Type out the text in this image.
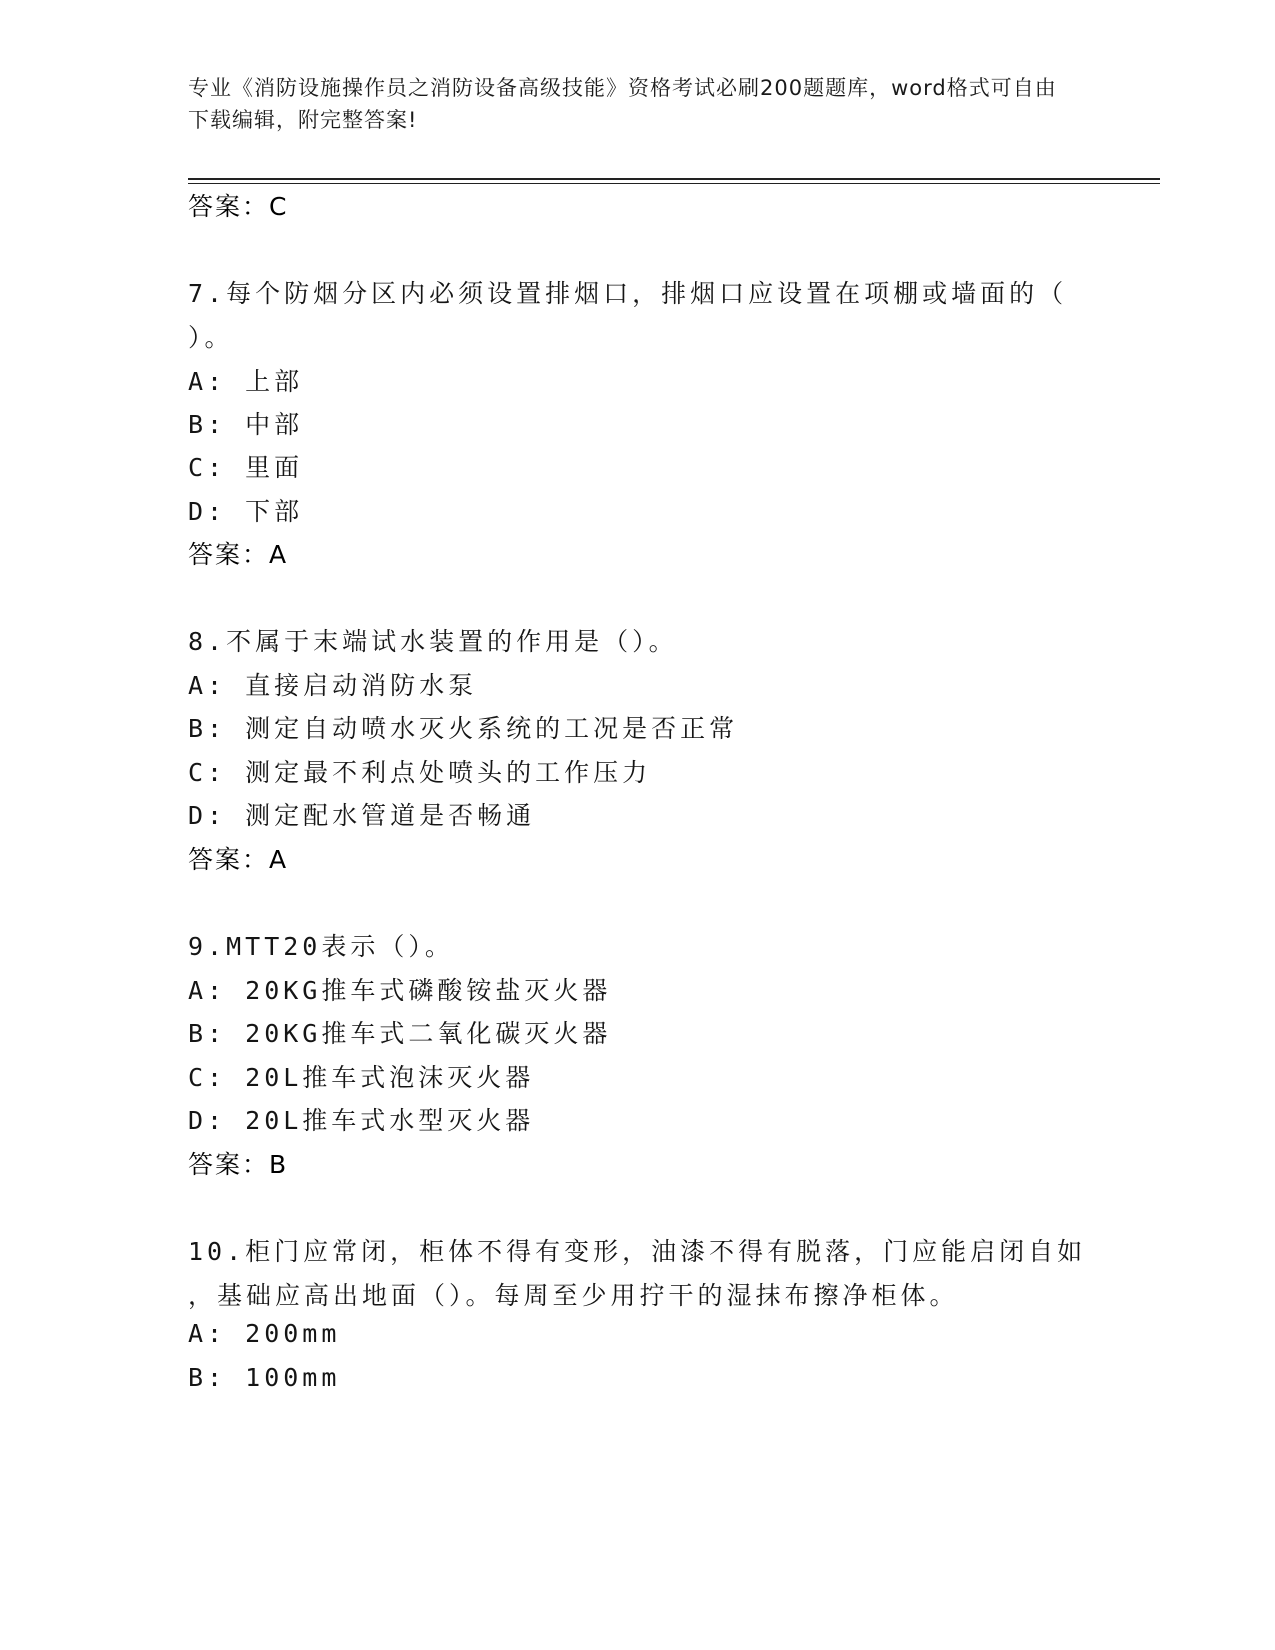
专业《消防设施操作员之消防设备高级技能》资格考试必刷200题题库，word格式可自由下载编辑，附完整答案!
答案：C
7.每个防烟分区内必须设置排烟口，排烟口应设置在项棚或墙面的（
）。
A: 上部
B: 中部
C: 里面
D: 下部
答案：A
8.不属于末端试水装置的作用是（）。
A: 直接启动消防水泵
B: 测定自动喷水灭火系统的工况是否正常
C: 测定最不利点处喷头的工作压力
D: 测定配水管道是否畅通
答案：A
9.MTT20表示（）。
A: 20KG推车式磷酸铵盐灭火器
B: 20KG推车式二氧化碳灭火器
C: 20L推车式泡沫灭火器
D: 20L推车式水型灭火器
答案：B
10.柜门应常闭，柜体不得有变形，油漆不得有脱落，门应能启闭自如
，基础应高出地面（）。每周至少用拧干的湿抹布擦净柜体。
A: 200mm
B: 100mm
